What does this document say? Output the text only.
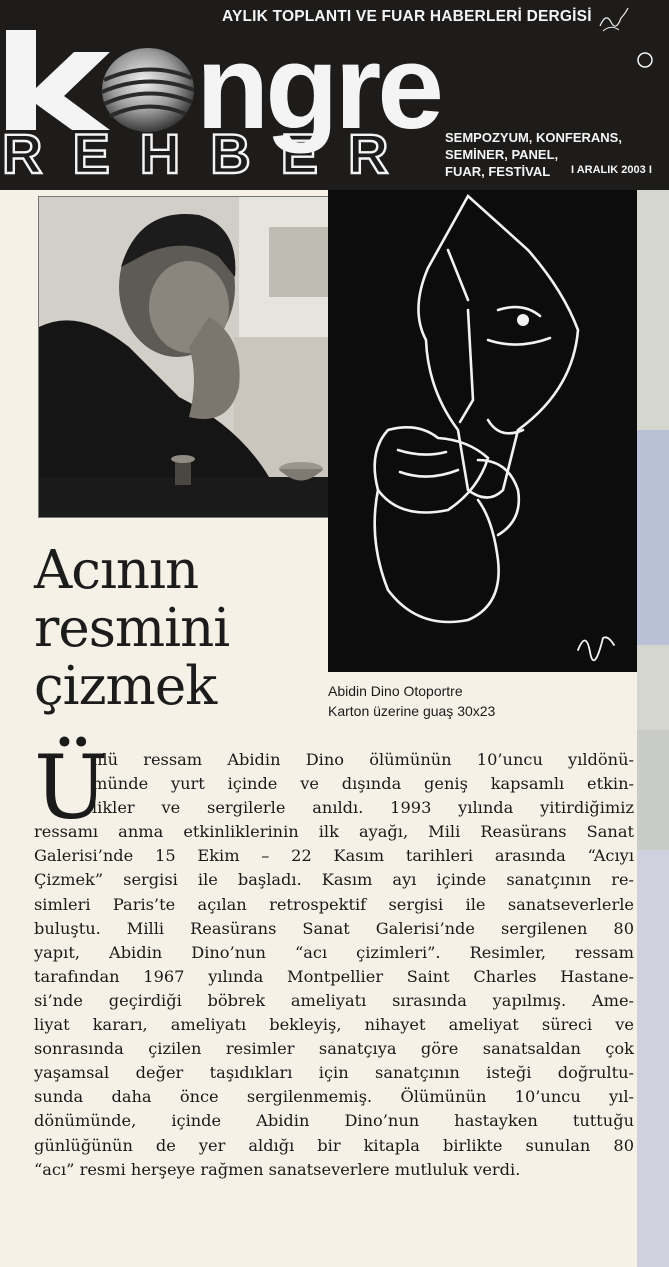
ngre
AYLIK TOPLANTI VE FUAR HABERLERİ DERGİSİ
REHBER SEMPOZYUM, KONFERANS,
SEMİNER, PANEL,
FUAR, FESTİVAL	I ARALIK 2003 I
Acının
resmini
çizmek	Abidin Dino Otoportre
Karton üzerine guaş 30x23
Ü
nlü ressam Abidin Dino ölümünün 10’uncu yıldönü-
münde yurt içinde ve dışında geniş kapsamlı etkin-
likler ve sergilerle anıldı. 1993 yılında yitirdiğimiz
ressamı anma etkinliklerinin ilk ayağı, Mili Reasürans Sanat
Galerisi’nde 15 Ekim – 22 Kasım tarihleri arasında “Acıyı
Çizmek” sergisi ile başladı. Kasım ayı içinde sanatçının re-
simleri Paris’te açılan retrospektif sergisi ile sanatseverlerle
buluştu. Milli Reasürans Sanat Galerisi’nde sergilenen 80
yapıt, Abidin Dino’nun “acı çizimleri”. Resimler, ressam
tarafından 1967 yılında Montpellier Saint Charles Hastane-
si’nde geçirdiği böbrek ameliyatı sırasında yapılmış. Ame-
liyat kararı, ameliyatı bekleyiş, nihayet ameliyat süreci ve
sonrasında çizilen resimler sanatçıya göre sanatsaldan çok
yaşamsal değer taşıdıkları için sanatçının isteği doğrultu-
sunda daha önce sergilenmemiş. Ölümünün 10’uncu yıl-
dönümünde, içinde Abidin Dino’nun hastayken tuttuğu
günlüğünün de yer aldığı bir kitapla birlikte sunulan 80
“acı” resmi herşeye rağmen sanatseverlere mutluluk verdi.
